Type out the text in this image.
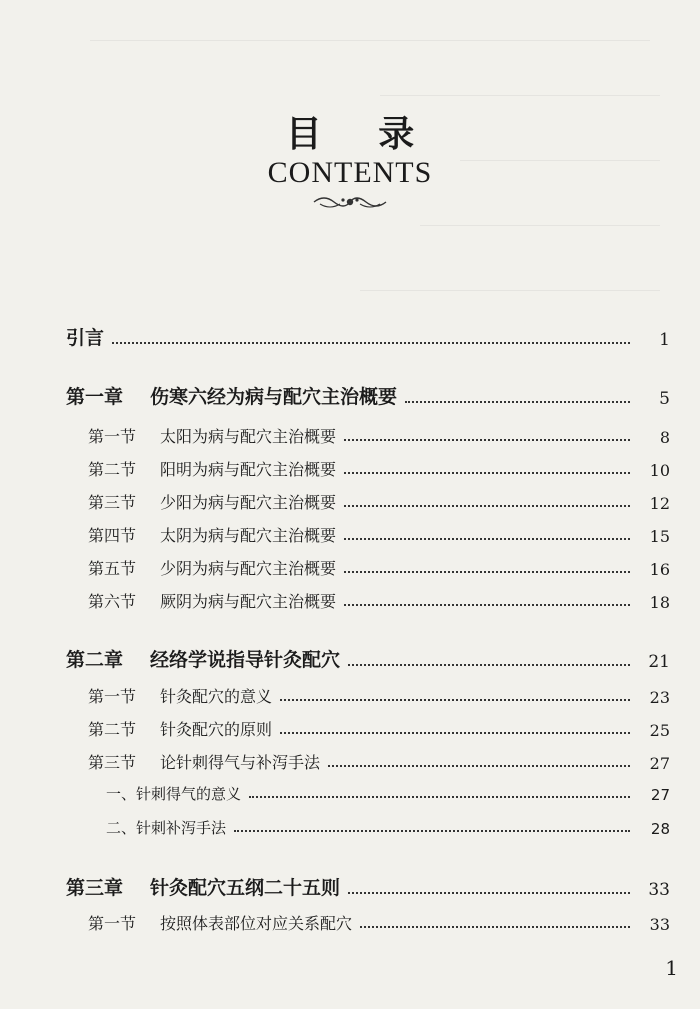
目 录
CONTENTS
引言	1
第一章	伤寒六经为病与配穴主治概要	5
第一节	太阳为病与配穴主治概要	8
第二节	阳明为病与配穴主治概要	10
第三节	少阳为病与配穴主治概要	12
第四节	太阴为病与配穴主治概要	15
第五节	少阴为病与配穴主治概要	16
第六节	厥阴为病与配穴主治概要	18
第二章	经络学说指导针灸配穴	21
第一节	针灸配穴的意义	23
第二节	针灸配穴的原则	25
第三节	论针刺得气与补泻手法	27
一、针刺得气的意义	27
二、针刺补泻手法	28
第三章	针灸配穴五纲二十五则	33
第一节	按照体表部位对应关系配穴	33
1
